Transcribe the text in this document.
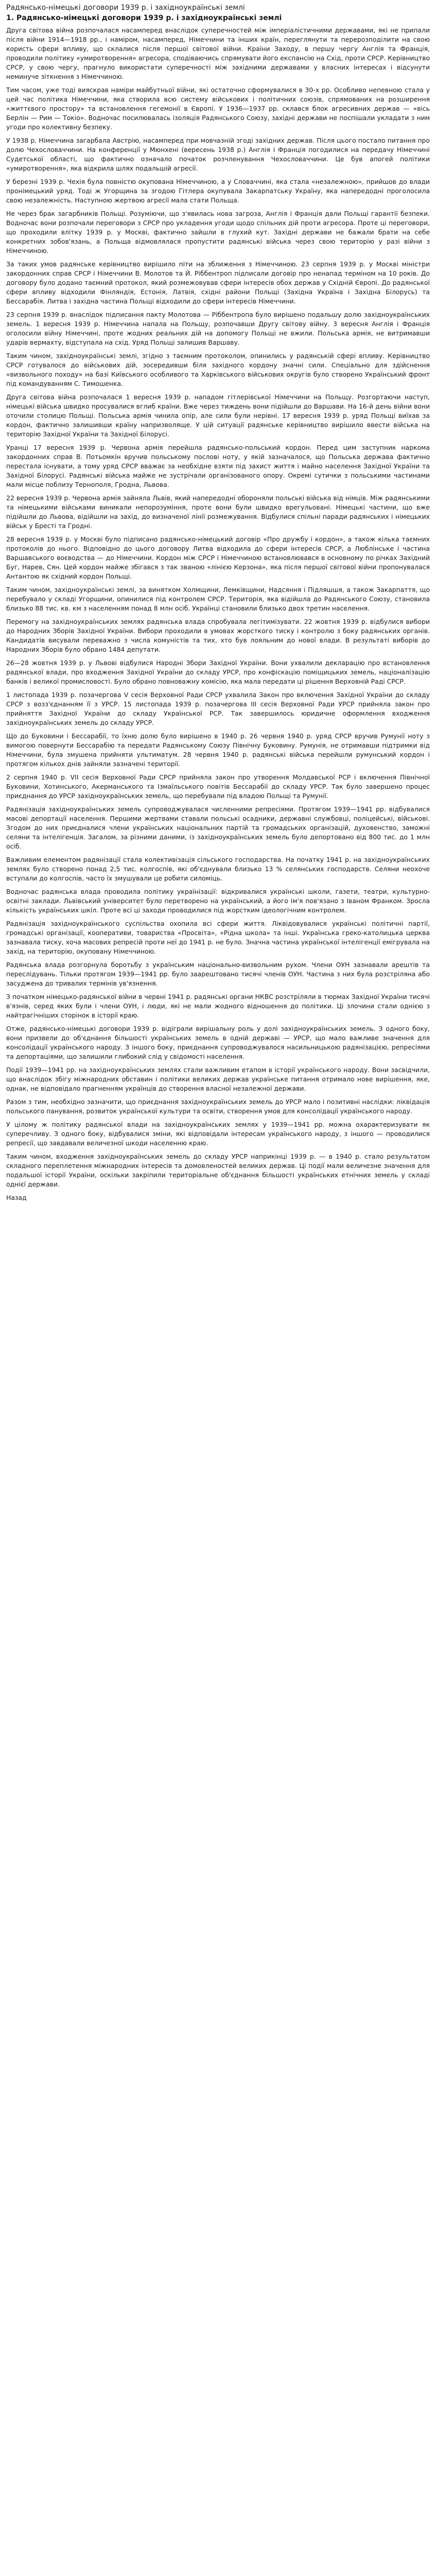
Радянсько-німецькі договори 1939 р. і західноукраїнські землі
1. Радянсько-німецькі договори 1939 р. і західноукраїнські землі

Друга світова війна розпочалася насамперед внаслідок суперечностей між імперіалістичними державами, які не припали після війни 1914—1918 рр., і наміром, насамперед, Німеччини та інших країн, переглянути та перерозподілити на свою користь сфери впливу, що склалися після першої світової війни. Країни Заходу, в першу чергу Англія та Франція, проводили політику «умиротворення» агресора, сподіваючись спрямувати його експансію на Схід, проти СРСР. Керівництво СРСР, у свою чергу, прагнуло використати суперечності між західними державами у власних інтересах і відсунути неминуче зіткнення з Німеччиною.

Тим часом, уже тоді вияскрав наміри майбутньої війни, які остаточно сформувалися в 30-х рр. Особливо непевною стала у цей час політика Німеччини, яка створила всю систему військових і політичних союзів, спрямованих на розширення «життєвого простору» та встановлення гегемонії в Європі. У 1936—1937 рр. склався блок агресивних держав — «вісь Берлін — Рим — Токіо». Водночас посилювалась ізоляція Радянського Союзу, західні держави не поспішали укладати з ним угоди про колективну безпеку.

У 1938 р. Німеччина загарбала Австрію, насамперед при мовчазній згоді західних держав. Після цього постало питання про долю Чехословаччини. На конференції у Мюнхені (вересень 1938 р.) Англія і Франція погодилися на передачу Німеччині Судетської області, що фактично означало початок розчленування Чехословаччини. Це був апогей політики «умиротворення», яка відкрила шлях подальшій агресії.

У березні 1939 р. Чехія була повністю окупована Німеччиною, а у Словаччині, яка стала «незалежною», прийшов до влади пронімецький уряд. Тоді ж Угорщина за згодою Гітлера окупувала Закарпатську Україну, яка напередодні проголосила свою незалежність. Наступною жертвою агресії мала стати Польща.

Не через брак загарбників Польщі. Розуміючи, що з'явилась нова загроза, Англія і Франція дали Польщі гарантії безпеки. Водночас вони розпочали переговори з СРСР про укладення угоди щодо спільних дій проти агресора. Проте ці переговори, що проходили влітку 1939 р. у Москві, фактично зайшли в глухий кут. Західні держави не бажали брати на себе конкретних зобов'язань, а Польща відмовлялася пропустити радянські війська через свою територію у разі війни з Німеччиною.

За таких умов радянське керівництво вирішило піти на зближення з Німеччиною. 23 серпня 1939 р. у Москві міністри закордонних справ СРСР і Німеччини В. Молотов та Й. Ріббентроп підписали договір про ненапад терміном на 10 років. До договору було додано таємний протокол, який розмежовував сфери інтересів обох держав у Східній Європі. До радянської сфери впливу відходили Фінляндія, Естонія, Латвія, східні райони Польщі (Західна Україна і Західна Білорусь) та Бессарабія. Литва і західна частина Польщі відходили до сфери інтересів Німеччини.

23 серпня 1939 р. внаслідок підписання пакту Молотова — Ріббентропа було вирішено подальшу долю західноукраїнських земель. 1 вересня 1939 р. Німеччина напала на Польщу, розпочавши Другу світову війну. 3 вересня Англія і Франція оголосили війну Німеччині, проте жодних реальних дій на допомогу Польщі не вжили. Польська армія, не витримавши ударів вермахту, відступала на схід. Уряд Польщі залишив Варшаву.

Таким чином, західноукраїнські землі, згідно з таємним протоколом, опинились у радянській сфері впливу. Керівництво СРСР готувалося до військових дій, зосередивши біля західного кордону значні сили. Спеціально для здійснення «визвольного походу» на базі Київського особливого та Харківського військових округів було створено Український фронт під командуванням С. Тимошенка.

Друга світова війна розпочалася 1 вересня 1939 р. нападом гітлерівської Німеччини на Польщу. Розгортаючи наступ, німецькі війська швидко просувалися вглиб країни. Вже через тиждень вони підійшли до Варшави. На 16-й день війни вони оточили столицю Польщі. Польська армія чинила опір, але сили були нерівні. 17 вересня 1939 р. уряд Польщі виїхав за кордон, фактично залишивши країну напризволяще. У цій ситуації радянське керівництво вирішило ввести війська на територію Західної України та Західної Білорусі.

Уранці 17 вересня 1939 р. Червона армія перейшла радянсько-польський кордон. Перед цим заступник наркома закордонних справ В. Потьомкін вручив польському послові ноту, у якій зазначалося, що Польська держава фактично перестала існувати, а тому уряд СРСР вважає за необхідне взяти під захист життя і майно населення Західної України та Західної Білорусі. Радянські війська майже не зустрічали організованого опору. Окремі сутички з польськими частинами мали місце поблизу Тернополя, Гродна, Львова.

22 вересня 1939 р. Червона армія зайняла Львів, який напередодні обороняли польські війська від німців. Між радянськими та німецькими військами виникали непорозуміння, проте вони були швидко врегульовані. Німецькі частини, що вже підійшли до Львова, відійшли на захід, до визначеної лінії розмежування. Відбулися спільні паради радянських і німецьких військ у Бресті та Гродні.

28 вересня 1939 р. у Москві було підписано радянсько-німецький договір «Про дружбу і кордон», а також кілька таємних протоколів до нього. Відповідно до цього договору Литва відходила до сфери інтересів СРСР, а Люблінське і частина Варшавського воєводства — до Німеччини. Кордон між СРСР і Німеччиною встановлювався в основному по річках Західний Буг, Нарев, Сян. Цей кордон майже збігався з так званою «лінією Керзона», яка після першої світової війни пропонувалася Антантою як східний кордон Польщі.

Таким чином, західноукраїнські землі, за винятком Холмщини, Лемківщини, Надсяння і Підляшшя, а також Закарпаття, що перебувало у складі Угорщини, опинилися під контролем СРСР. Територія, яка відійшла до Радянського Союзу, становила близько 88 тис. кв. км з населенням понад 8 млн осіб. Українці становили близько двох третин населення.

Перемогу на західноукраїнських землях радянська влада спробувала легітимізувати. 22 жовтня 1939 р. відбулися вибори до Народних Зборів Західної України. Вибори проходили в умовах жорсткого тиску і контролю з боку радянських органів. Кандидатів висували переважно з числа комуністів та тих, хто був лояльним до нової влади. В результаті виборів до Народних Зборів було обрано 1484 депутати.

26—28 жовтня 1939 р. у Львові відбулися Народні Збори Західної України. Вони ухвалили декларацію про встановлення радянської влади, про входження Західної України до складу УРСР, про конфіскацію поміщицьких земель, націоналізацію банків і великої промисловості. Було обрано повноважну комісію, яка мала передати ці рішення Верховній Раді СРСР.

1 листопада 1939 р. позачергова V сесія Верховної Ради СРСР ухвалила Закон про включення Західної України до складу СРСР з возз'єднанням її з УРСР. 15 листопада 1939 р. позачергова III сесія Верховної Ради УРСР прийняла закон про прийняття Західної України до складу Української РСР. Так завершилось юридичне оформлення входження західноукраїнських земель до складу УРСР.

Що до Буковини і Бессарабії, то їхню долю було вирішено в 1940 р. 26 червня 1940 р. уряд СРСР вручив Румунії ноту з вимогою повернути Бессарабію та передати Радянському Союзу Північну Буковину. Румунія, не отримавши підтримки від Німеччини, була змушена прийняти ультиматум. 28 червня 1940 р. радянські війська перейшли румунський кордон і протягом кількох днів зайняли зазначені території.

2 серпня 1940 р. VII сесія Верховної Ради СРСР прийняла закон про утворення Молдавської РСР і включення Північної Буковини, Хотинського, Акерманського та Ізмаїльського повітів Бессарабії до складу УРСР. Так було завершено процес приєднання до УРСР західноукраїнських земель, що перебували під владою Польщі та Румунії.

Радянізація західноукраїнських земель супроводжувалася численними репресіями. Протягом 1939—1941 рр. відбувалися масові депортації населення. Першими жертвами ставали польські осадники, державні службовці, поліцейські, військові. Згодом до них приєдналися члени українських національних партій та громадських організацій, духовенство, заможні селяни та інтелігенція. Загалом, за різними даними, із західноукраїнських земель було депортовано від 800 тис. до 1 млн осіб.

Важливим елементом радянізації стала колективізація сільського господарства. На початку 1941 р. на західноукраїнських землях було створено понад 2,5 тис. колгоспів, які об'єднували близько 13 % селянських господарств. Селяни неохоче вступали до колгоспів, часто їх змушували це робити силоміць.

Водночас радянська влада проводила політику українізації: відкривалися українські школи, газети, театри, культурно-освітні заклади. Львівський університет було перетворено на український, а його ім'я пов'язано з Іваном Франком. Зросла кількість українських шкіл. Проте всі ці заходи проводилися під жорстким ідеологічним контролем.

Радянізація західноукраїнського суспільства охопила всі сфери життя. Ліквідовувалися українські політичні партії, громадські організації, кооперативи, товариства «Просвіта», «Рідна школа» та інші. Українська греко-католицька церква зазнавала тиску, хоча масових репресій проти неї до 1941 р. не було. Значна частина української інтелігенції емігрувала на захід, на територію, окуповану Німеччиною.

Радянська влада розгорнула боротьбу з українським національно-визвольним рухом. Члени ОУН зазнавали арештів та переслідувань. Тільки протягом 1939—1941 рр. було заарештовано тисячі членів ОУН. Частина з них була розстріляна або засуджена до тривалих термінів ув'язнення.

З початком німецько-радянської війни в червні 1941 р. радянські органи НКВС розстріляли в тюрмах Західної України тисячі в'язнів, серед яких були і члени ОУН, і люди, які не мали жодного відношення до політики. Ці злочини стали однією з найтрагічніших сторінок в історії краю.

Отже, радянсько-німецькі договори 1939 р. відіграли вирішальну роль у долі західноукраїнських земель. З одного боку, вони призвели до об'єднання більшості українських земель в одній державі — УРСР, що мало важливе значення для консолідації українського народу. З іншого боку, приєднання супроводжувалося насильницькою радянізацією, репресіями та депортаціями, що залишили глибокий слід у свідомості населення.

Події 1939—1941 рр. на західноукраїнських землях стали важливим етапом в історії українського народу. Вони засвідчили, що внаслідок збігу міжнародних обставин і політики великих держав українське питання отримало нове вирішення, яке, однак, не відповідало прагненням українців до створення власної незалежної держави.

Разом з тим, необхідно зазначити, що приєднання західноукраїнських земель до УРСР мало і позитивні наслідки: ліквідація польського панування, розвиток української культури та освіти, створення умов для консолідації українського народу.

У цілому ж політику радянської влади на західноукраїнських землях у 1939—1941 рр. можна охарактеризувати як суперечливу. З одного боку, відбувалися зміни, які відповідали інтересам українського народу, з іншого — проводилися репресії, що завдавали величезної шкоди населенню краю.

Таким чином, входження західноукраїнських земель до складу УРСР наприкінці 1939 р. — в 1940 р. стало результатом складного переплетення міжнародних інтересів та домовленостей великих держав. Ці події мали величезне значення для подальшої історії України, оскільки закріпили територіальне об'єднання більшості українських етнічних земель у складі однієї держави.

Назад
